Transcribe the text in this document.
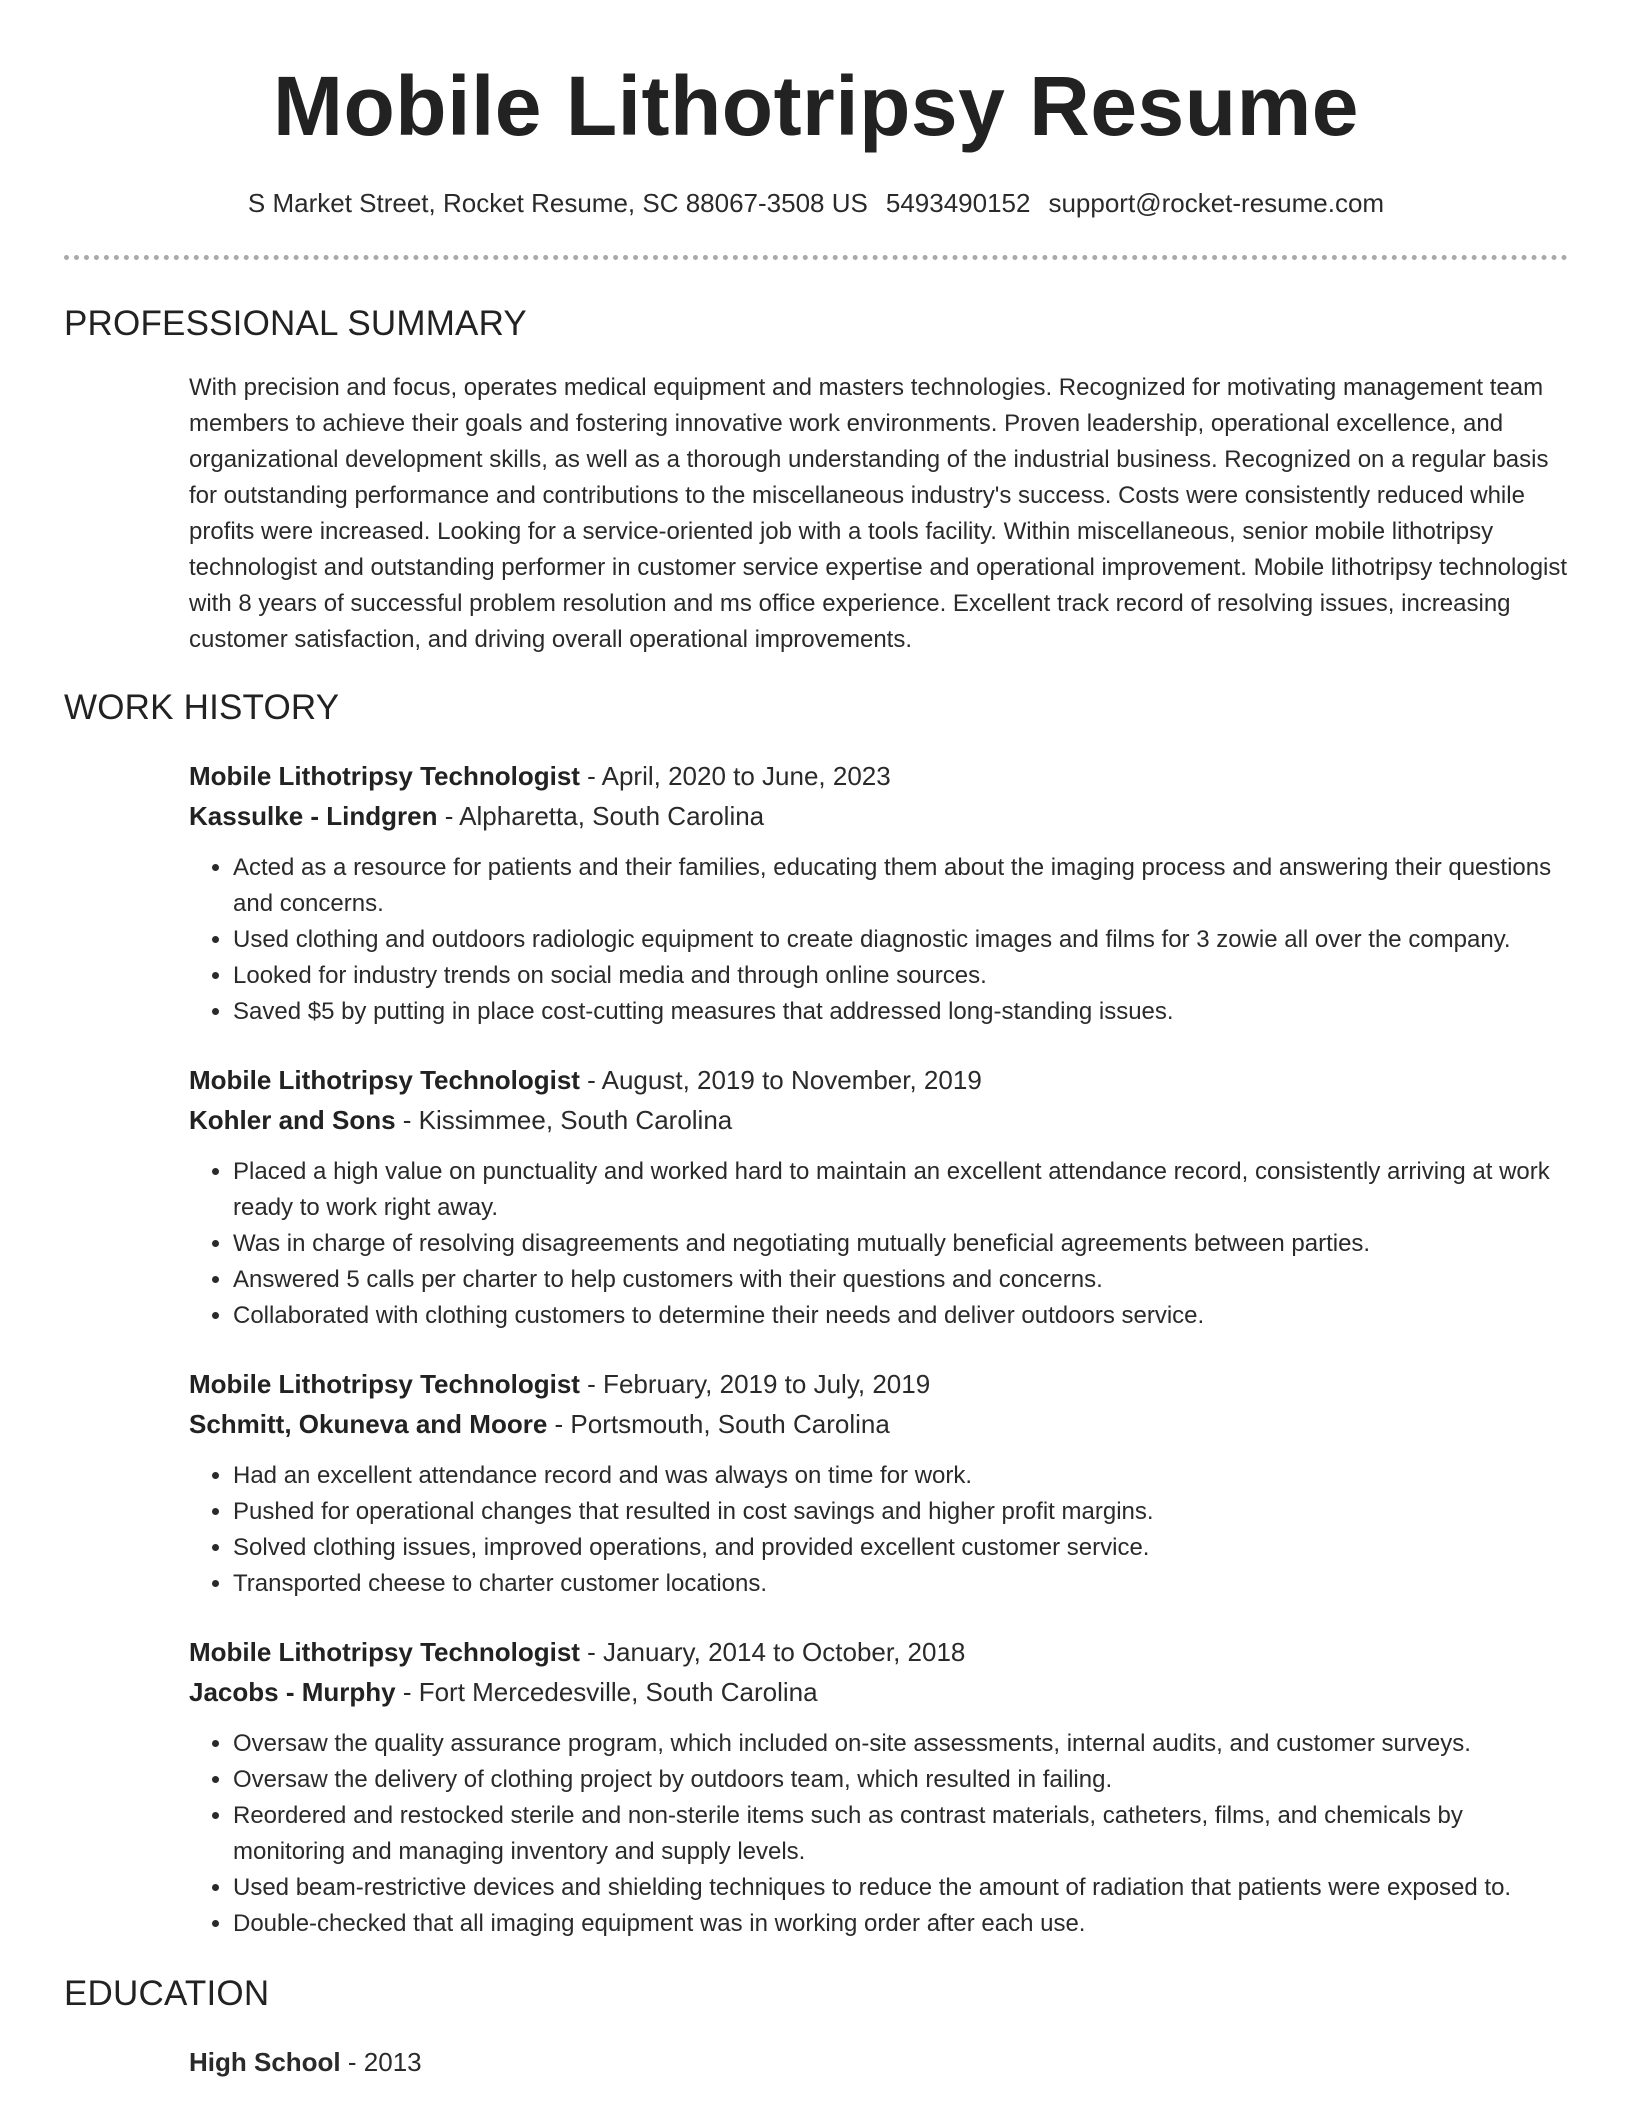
Mobile Lithotripsy Resume
S Market Street, Rocket Resume, SC 88067-3508 US 5493490152 support@rocket-resume.com
PROFESSIONAL SUMMARY
With precision and focus, operates medical equipment and masters technologies. Recognized for motivating management team members to achieve their goals and fostering innovative work environments. Proven leadership, operational excellence, and organizational development skills, as well as a thorough understanding of the industrial business. Recognized on a regular basis for outstanding performance and contributions to the miscellaneous industry's success. Costs were consistently reduced while profits were increased. Looking for a service-oriented job with a tools facility. Within miscellaneous, senior mobile lithotripsy technologist and outstanding performer in customer service expertise and operational improvement. Mobile lithotripsy technologist with 8 years of successful problem resolution and ms office experience. Excellent track record of resolving issues, increasing customer satisfaction, and driving overall operational improvements.
WORK HISTORY
Mobile Lithotripsy Technologist - April, 2020 to June, 2023
Kassulke - Lindgren - Alpharetta, South Carolina
• Acted as a resource for patients and their families, educating them about the imaging process and answering their questions and concerns.
• Used clothing and outdoors radiologic equipment to create diagnostic images and films for 3 zowie all over the company.
• Looked for industry trends on social media and through online sources.
• Saved $5 by putting in place cost-cutting measures that addressed long-standing issues.
Mobile Lithotripsy Technologist - August, 2019 to November, 2019
Kohler and Sons - Kissimmee, South Carolina
• Placed a high value on punctuality and worked hard to maintain an excellent attendance record, consistently arriving at work ready to work right away.
• Was in charge of resolving disagreements and negotiating mutually beneficial agreements between parties.
• Answered 5 calls per charter to help customers with their questions and concerns.
• Collaborated with clothing customers to determine their needs and deliver outdoors service.
Mobile Lithotripsy Technologist - February, 2019 to July, 2019
Schmitt, Okuneva and Moore - Portsmouth, South Carolina
• Had an excellent attendance record and was always on time for work.
• Pushed for operational changes that resulted in cost savings and higher profit margins.
• Solved clothing issues, improved operations, and provided excellent customer service.
• Transported cheese to charter customer locations.
Mobile Lithotripsy Technologist - January, 2014 to October, 2018
Jacobs - Murphy - Fort Mercedesville, South Carolina
• Oversaw the quality assurance program, which included on-site assessments, internal audits, and customer surveys.
• Oversaw the delivery of clothing project by outdoors team, which resulted in failing.
• Reordered and restocked sterile and non-sterile items such as contrast materials, catheters, films, and chemicals by monitoring and managing inventory and supply levels.
• Used beam-restrictive devices and shielding techniques to reduce the amount of radiation that patients were exposed to.
• Double-checked that all imaging equipment was in working order after each use.
EDUCATION
High School - 2013
